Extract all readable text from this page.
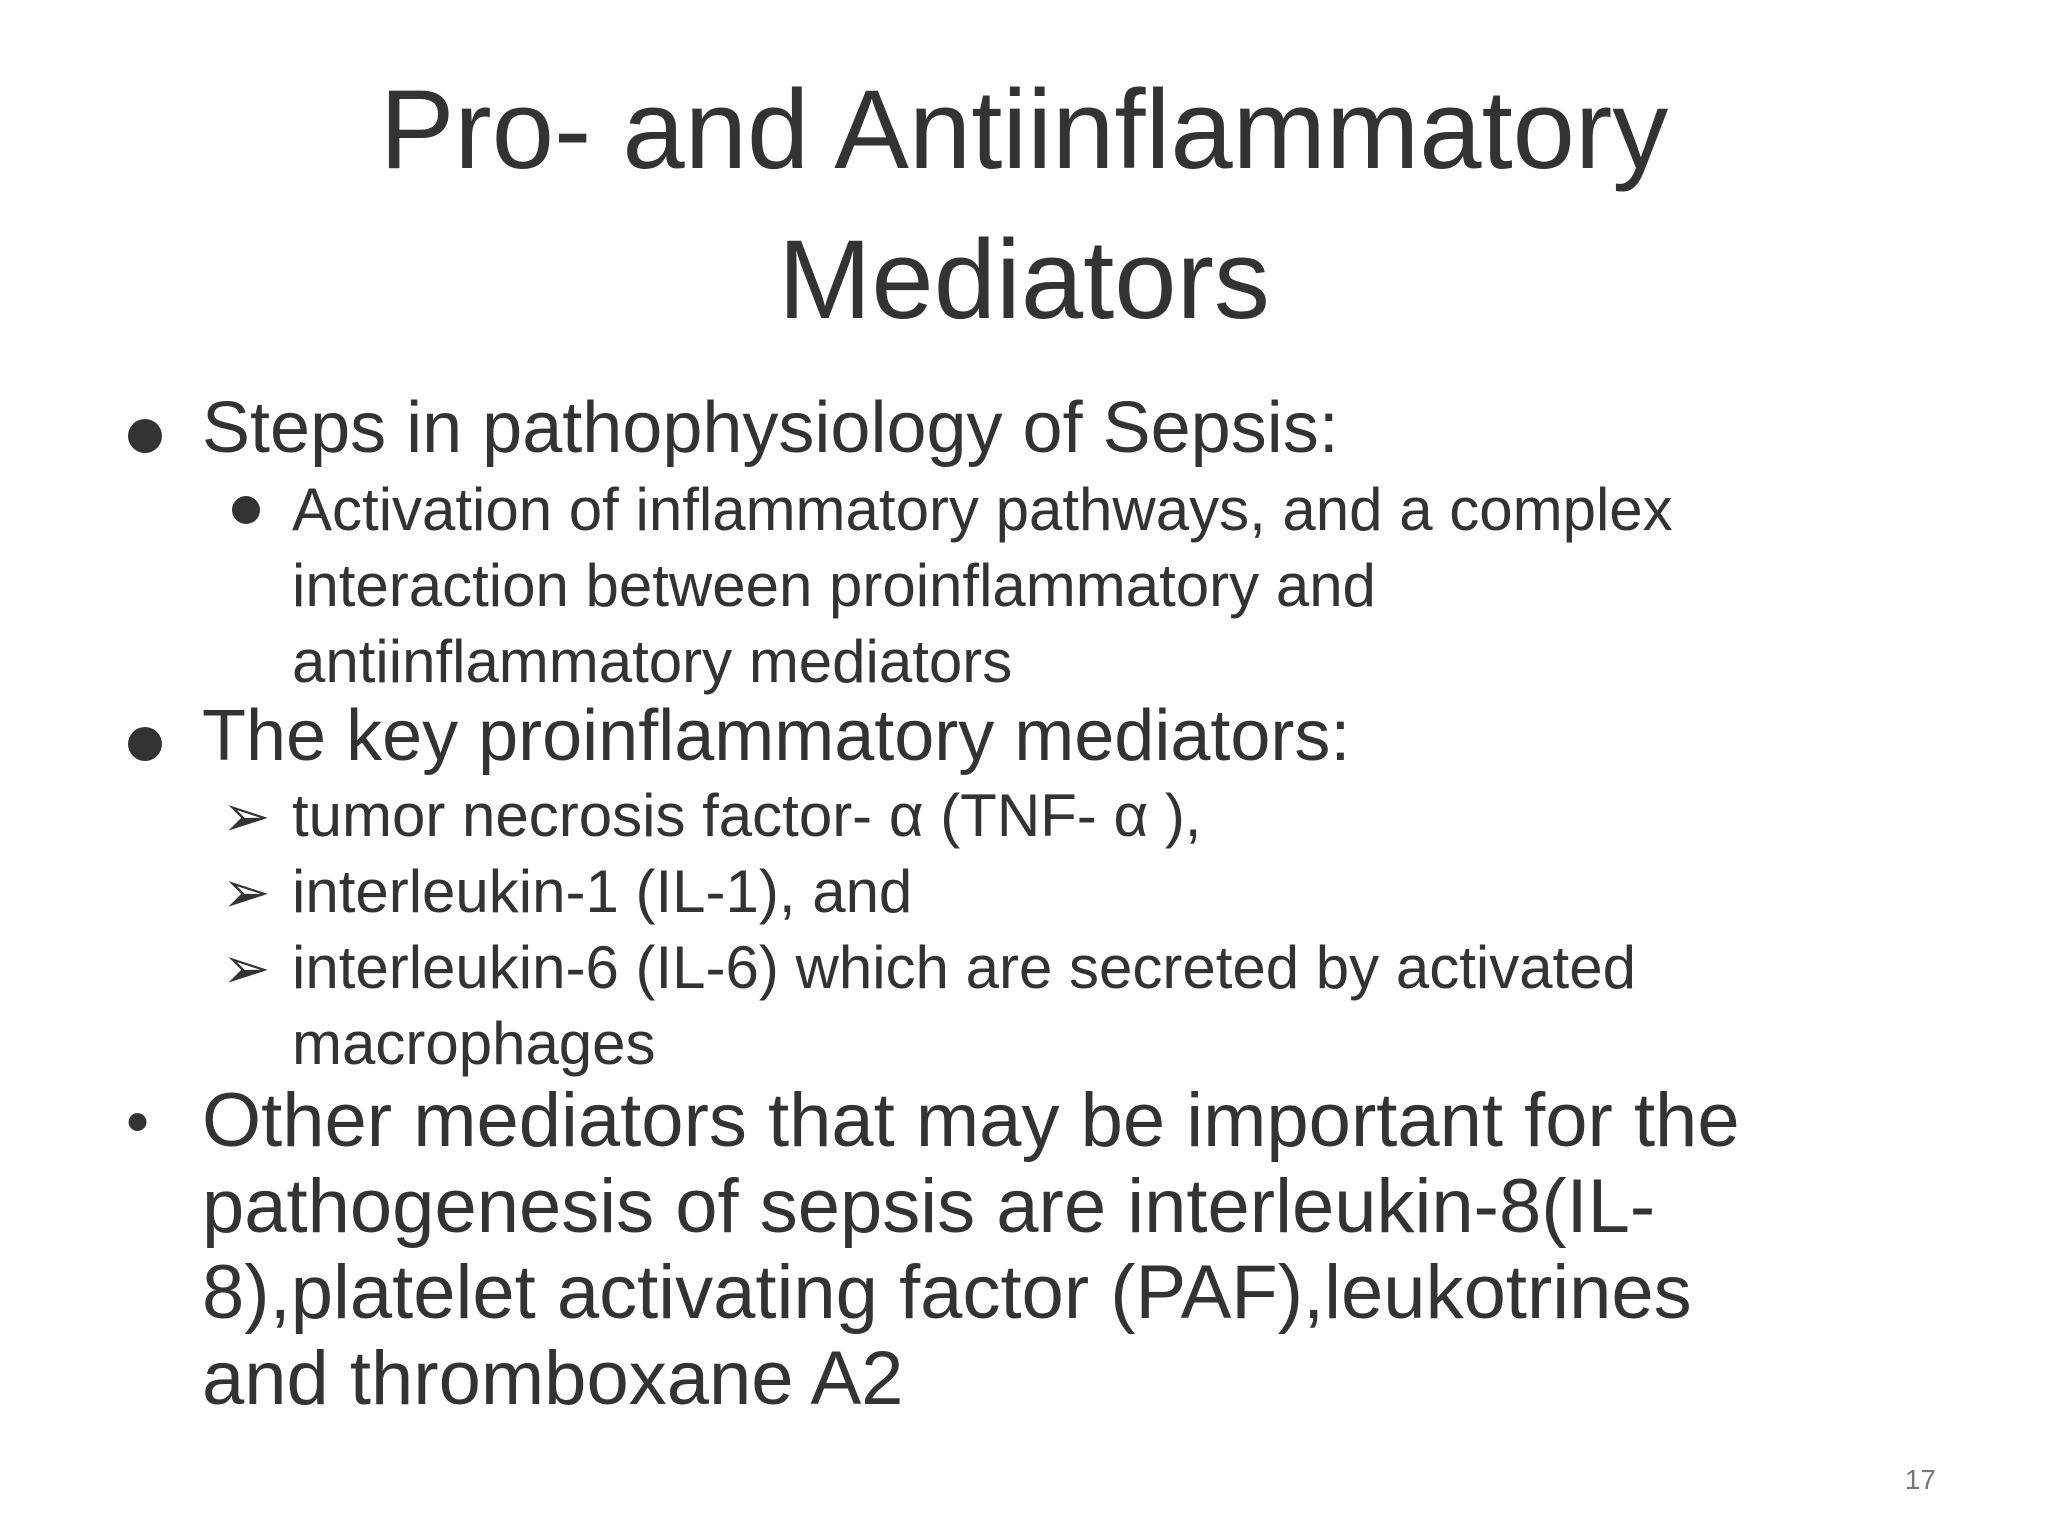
Pro- and Antiinflammatory
Mediators
Steps in pathophysiology of Sepsis:
Activation of inflammatory pathways, and a complex
interaction between proinflammatory and
antiinflammatory mediators
The key proinflammatory mediators:
➢ tumor necrosis factor- α (TNF- α ),
➢ interleukin-1 (IL-1), and
➢ interleukin-6 (IL-6) which are secreted by activated
macrophages
• Other mediators that may be important for the
pathogenesis of sepsis are interleukin-8(IL-
8),platelet activating factor (PAF),leukotrines
and thromboxane A2
17
